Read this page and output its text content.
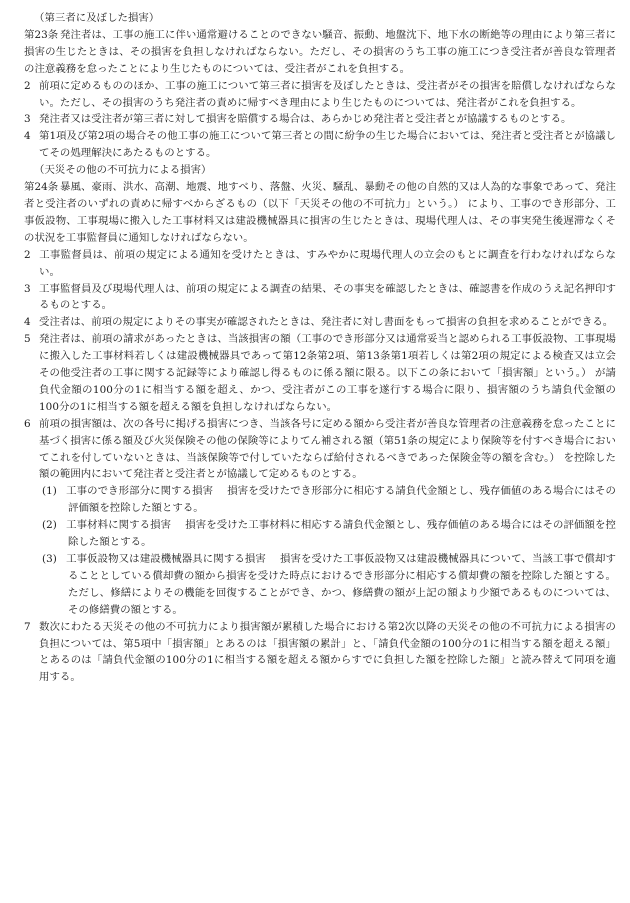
（第三者に及ぼした損害）
第23条 発注者は、工事の施工に伴い通常避けることのできない騒音、振動、地盤沈下、地下水の断絶等の理由により第三者に損害の生じたときは、その損害を負担しなければならない。ただし、その損害のうち工事の施工につき受注者が善良な管理者の注意義務を怠ったことにより生じたものについては、受注者がこれを負担する。
2 前項に定めるもののほか、工事の施工について第三者に損害を及ぼしたときは、受注者がその損害を賠償しなければならない。ただし、その損害のうち発注者の責めに帰すべき理由により生じたものについては、発注者がこれを負担する。
3 発注者又は受注者が第三者に対して損害を賠償する場合は、あらかじめ発注者と受注者とが協議するものとする。
4 第1項及び第2項の場合その他工事の施工について第三者との間に紛争の生じた場合においては、発注者と受注者とが協議してその処理解決にあたるものとする。
（天災その他の不可抗力による損害）
第24条 暴風、豪雨、洪水、高潮、地震、地すべり、落盤、火災、騒乱、暴動その他の自然的又は人為的な事象であって、発注者と受注者のいずれの責めに帰すべからざるもの（以下「天災その他の不可抗力」という。） により、工事のでき形部分、工事仮設物、工事現場に搬入した工事材料又は建設機械器具に損害の生じたときは、現場代理人は、その事実発生後遅滞なくその状況を工事監督員に通知しなければならない。
2 工事監督員は、前項の規定による通知を受けたときは、すみやかに現場代理人の立会のもとに調査を行わなければならない。
3 工事監督員及び現場代理人は、前項の規定による調査の結果、その事実を確認したときは、確認書を作成のうえ記名押印するものとする。
4 受注者は、前項の規定によりその事実が確認されたときは、発注者に対し書面をもって損害の負担を求めることができる。
5 発注者は、前項の請求があったときは、当該損害の額（工事のでき形部分又は通常妥当と認められる工事仮設物、工事現場に搬入した工事材料若しくは建設機械器具であって第12条第2項、第13条第1項若しくは第2項の規定による検査又は立会その他受注者の工事に関する記録等により確認し得るものに係る額に限る。以下この条において「損害額」という。） が請負代金額の100分の1に相当する額を超え、かつ、受注者がこの工事を遂行する場合に限り、損害額のうち請負代金額の100分の1に相当する額を超える額を負担しなければならない。
6 前項の損害額は、次の各号に掲げる損害につき、当該各号に定める額から受注者が善良な管理者の注意義務を怠ったことに基づく損害に係る額及び火災保険その他の保険等によりてん補される額（第51条の規定により保険等を付すべき場合においてこれを付していないときは、当該保険等で付していたならば給付されるべきであった保険金等の額を含む。） を控除した額の範囲内において発注者と受注者とが協議して定めるものとする。
(1) 工事のでき形部分に関する損害 損害を受けたでき形部分に相応する請負代金額とし、残存価値のある場合にはその評価額を控除した額とする。
(2) 工事材料に関する損害 損害を受けた工事材料に相応する請負代金額とし、残存価値のある場合にはその評価額を控除した額とする。
(3) 工事仮設物又は建設機械器具に関する損害 損害を受けた工事仮設物又は建設機械器具について、当該工事で償却することとしている償却費の額から損害を受けた時点におけるでき形部分に相応する償却費の額を控除した額とする。ただし、修繕によりその機能を回復することができ、かつ、修繕費の額が上記の額より少額であるものについては、その修繕費の額とする。
7 数次にわたる天災その他の不可抗力により損害額が累積した場合における第2次以降の天災その他の不可抗力による損害の負担については、第5項中「損害額」とあるのは「損害額の累計」と、「請負代金額の100分の1に相当する額を超える額」とあるのは「請負代金額の100分の1に相当する額を超える額からすでに負担した額を控除した額」と読み替えて同項を適用する。
